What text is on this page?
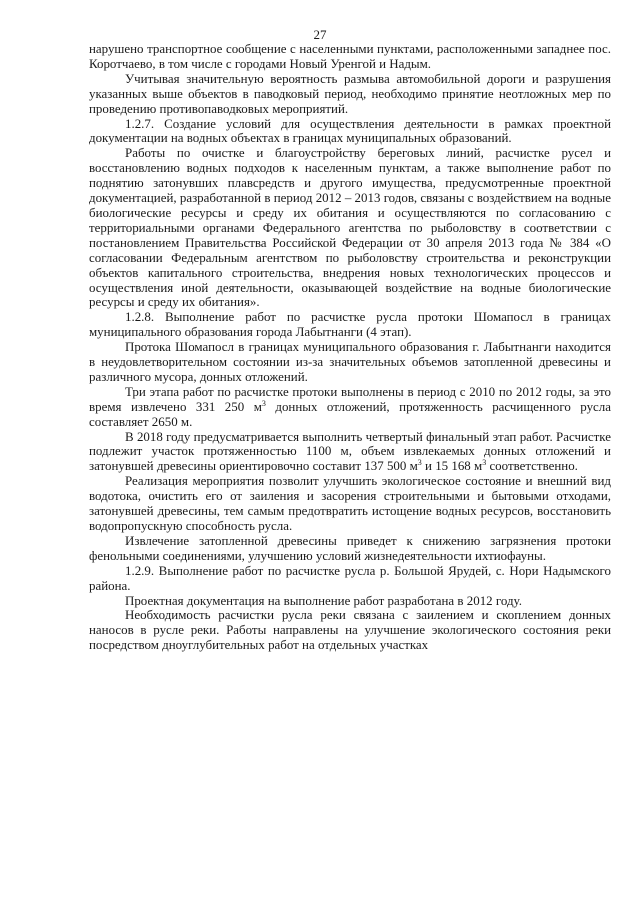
27

нарушено транспортное сообщение с населенными пунктами, расположенными западнее пос. Коротчаево, в том числе с городами Новый Уренгой и Надым.

Учитывая значительную вероятность размыва автомобильной дороги и разрушения указанных выше объектов в паводковый период, необходимо принятие неотложных мер по проведению противопаводковых мероприятий.

1.2.7. Создание условий для осуществления деятельности в рамках проектной документации на водных объектах в границах муниципальных образований.

Работы по очистке и благоустройству береговых линий, расчистке русел и восстановлению водных подходов к населенным пунктам, а также выполнение работ по поднятию затонувших плавсредств и другого имущества, предусмотренные проектной документацией, разработанной в период 2012 – 2013 годов, связаны с воздействием на водные биологические ресурсы и среду их обитания и осуществляются по согласованию с территориальными органами Федерального агентства по рыболовству в соответствии с постановлением Правительства Российской Федерации от 30 апреля 2013 года № 384 «О согласовании Федеральным агентством по рыболовству строительства и реконструкции объектов капитального строительства, внедрения новых технологических процессов и осуществления иной деятельности, оказывающей воздействие на водные биологические ресурсы и среду их обитания».

1.2.8. Выполнение работ по расчистке русла протоки Шомапосл в границах муниципального образования города Лабытнанги (4 этап).

Протока Шомапосл в границах муниципального образования г. Лабытнанги находится в неудовлетворительном состоянии из-за значительных объемов затопленной древесины и различного мусора, донных отложений.

Три этапа работ по расчистке протоки выполнены в период с 2010 по 2012 годы, за это время извлечено 331 250 $м^3$ донных отложений, протяженность расчищенного русла составляет 2650 м.

В 2018 году предусматривается выполнить четвертый финальный этап работ. Расчистке подлежит участок протяженностью 1100 м, объем извлекаемых донных отложений и затонувшей древесины ориентировочно составит 137 500 $м^3$ и 15 168 $м^3$ соответственно.

Реализация мероприятия позволит улучшить экологическое состояние и внешний вид водотока, очистить его от заиления и засорения строительными и бытовыми отходами, затонувшей древесины, тем самым предотвратить истощение водных ресурсов, восстановить водопропускную способность русла.

Извлечение затопленной древесины приведет к снижению загрязнения протоки фенольными соединениями, улучшению условий жизнедеятельности ихтиофауны.

1.2.9. Выполнение работ по расчистке русла р. Большой Ярудей, с. Нори Надымского района.

Проектная документация на выполнение работ разработана в 2012 году.

Необходимость расчистки русла реки связана с заилением и скоплением донных наносов в русле реки. Работы направлены на улучшение экологического состояния реки посредством дноуглубительных работ на отдельных участках
